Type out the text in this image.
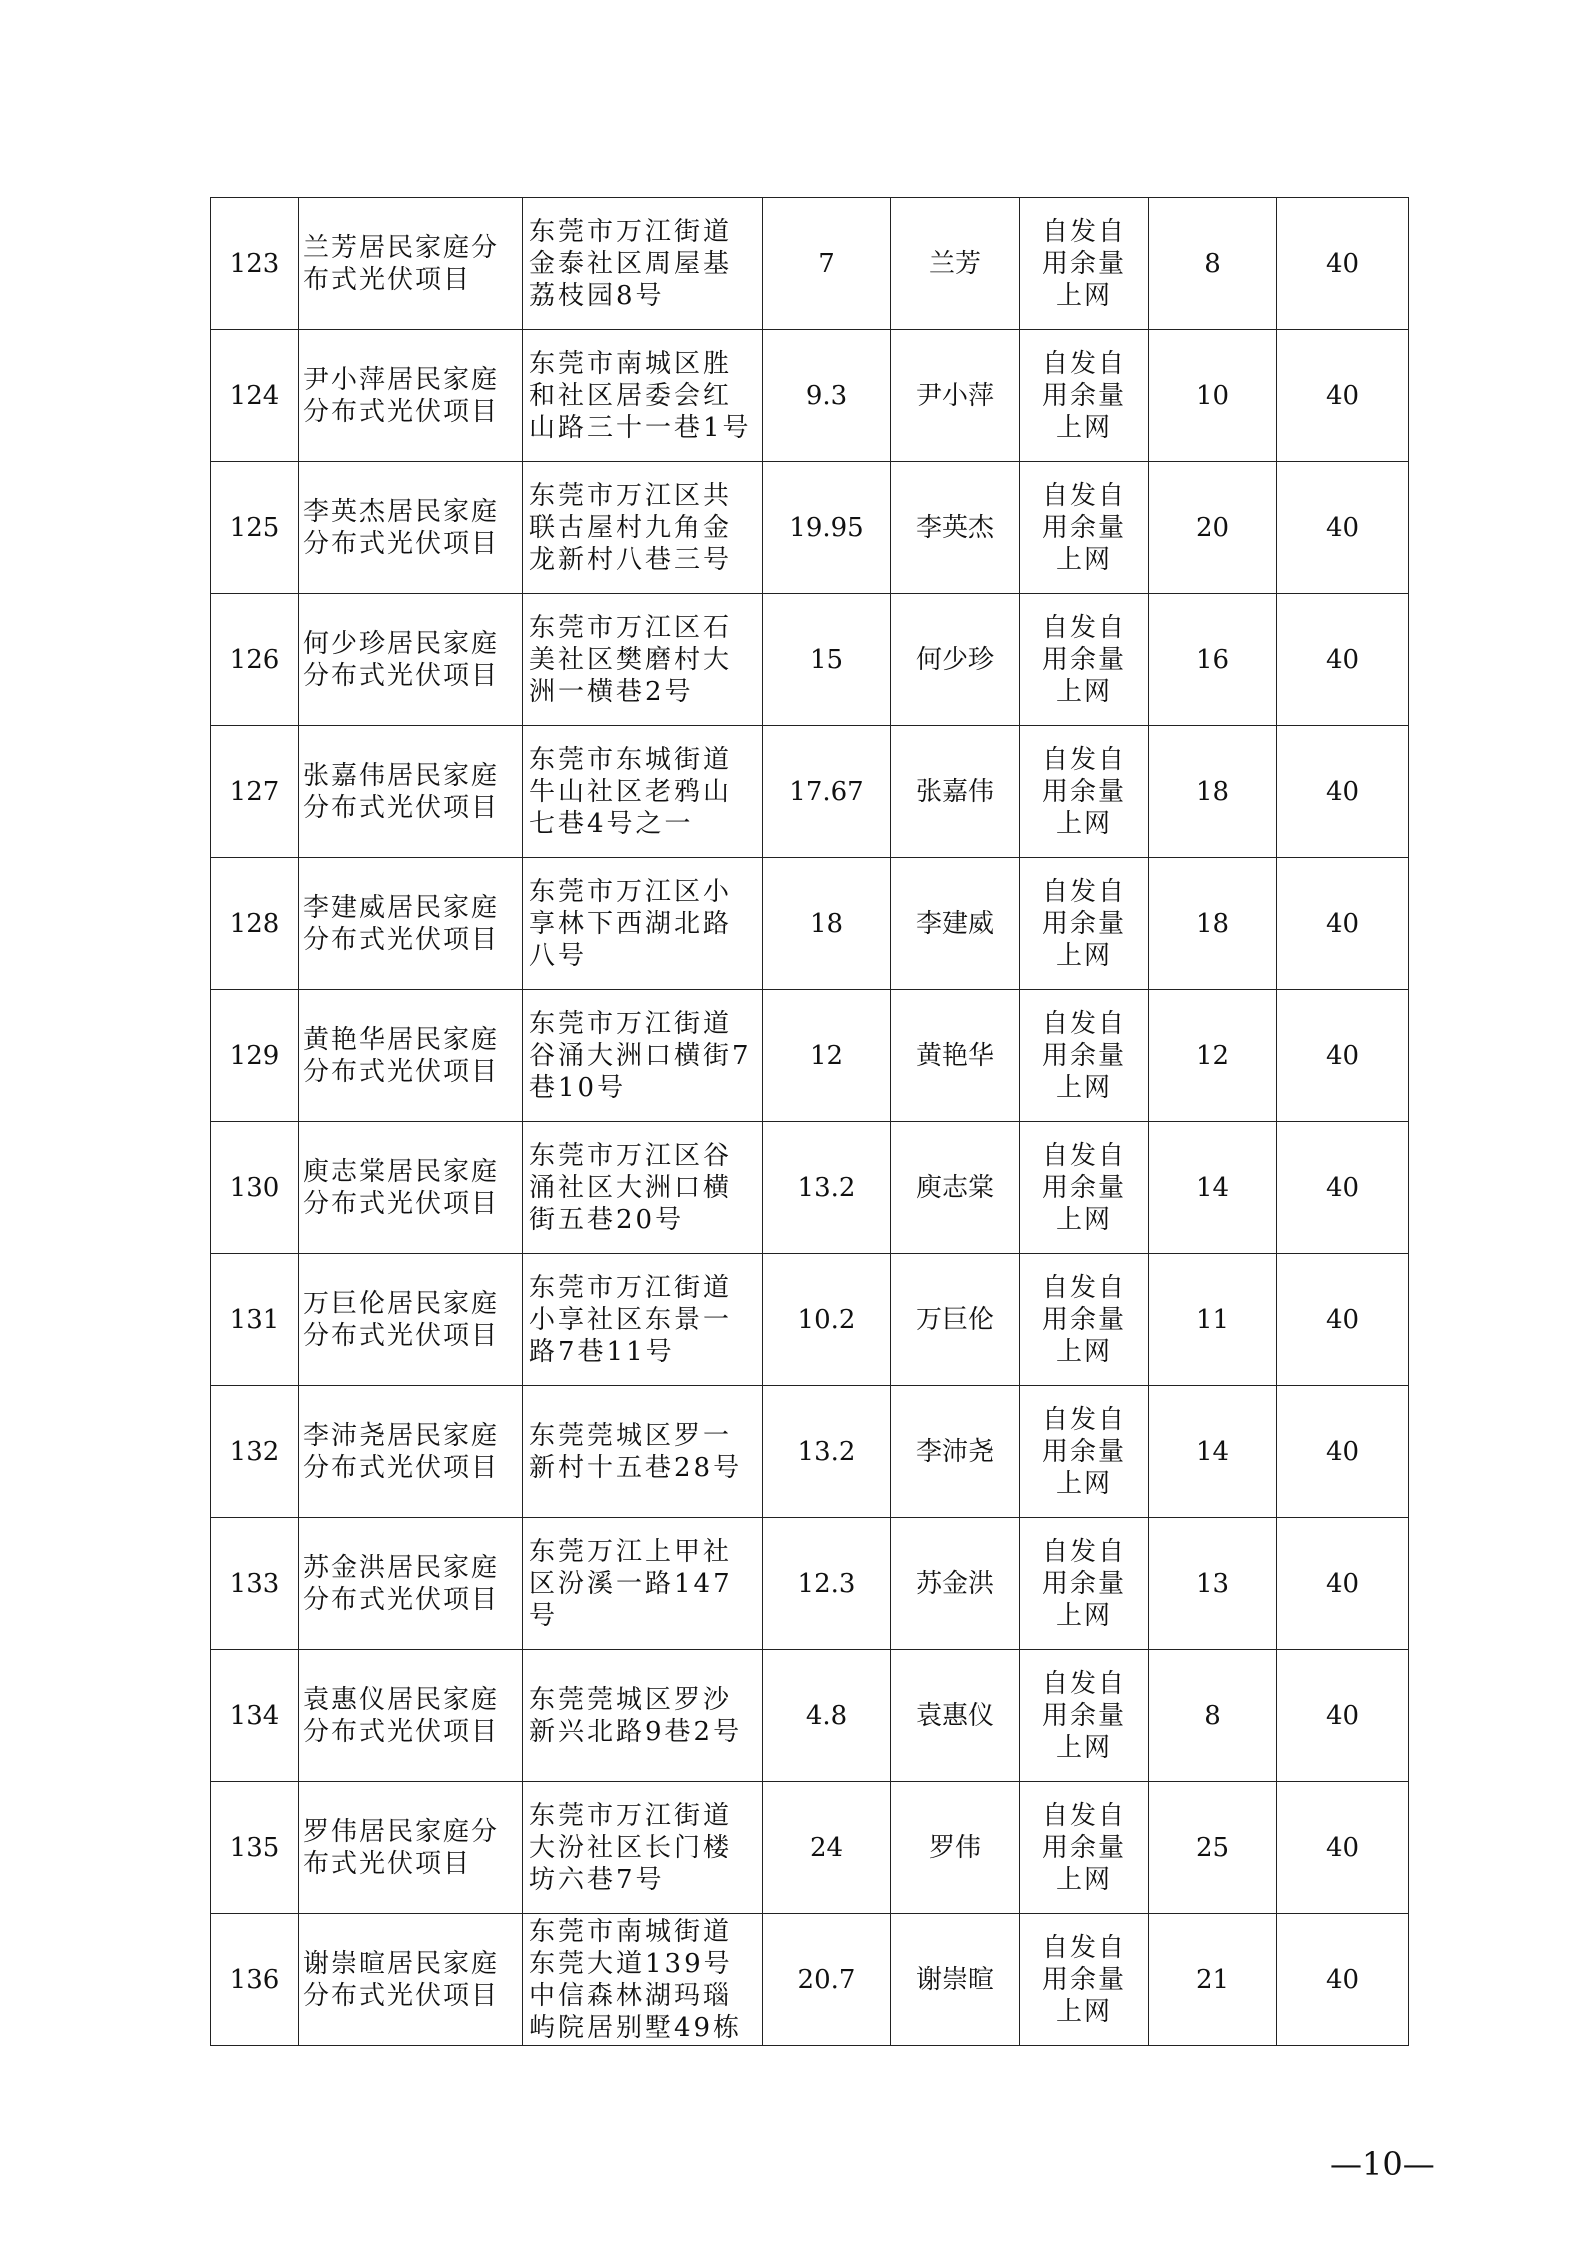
123	兰芳居民家庭分布式光伏项目	东莞市万江街道金泰社区周屋基荔枝园8号	7	兰芳	自发自用余量上网	8	40
124	尹小萍居民家庭分布式光伏项目	东莞市南城区胜和社区居委会红山路三十一巷1号	9.3	尹小萍	自发自用余量上网	10	40
125	李英杰居民家庭分布式光伏项目	东莞市万江区共联古屋村九角金龙新村八巷三号	19.95	李英杰	自发自用余量上网	20	40
126	何少珍居民家庭分布式光伏项目	东莞市万江区石美社区樊磨村大洲一横巷2号	15	何少珍	自发自用余量上网	16	40
127	张嘉伟居民家庭分布式光伏项目	东莞市东城街道牛山社区老鸦山七巷4号之一	17.67	张嘉伟	自发自用余量上网	18	40
128	李建威居民家庭分布式光伏项目	东莞市万江区小享林下西湖北路八号	18	李建威	自发自用余量上网	18	40
129	黄艳华居民家庭分布式光伏项目	东莞市万江街道谷涌大洲口横街7巷10号	12	黄艳华	自发自用余量上网	12	40
130	庾志棠居民家庭分布式光伏项目	东莞市万江区谷涌社区大洲口横街五巷20号	13.2	庾志棠	自发自用余量上网	14	40
131	万巨伦居民家庭分布式光伏项目	东莞市万江街道小享社区东景一路7巷11号	10.2	万巨伦	自发自用余量上网	11	40
132	李沛尧居民家庭分布式光伏项目	东莞莞城区罗一新村十五巷28号	13.2	李沛尧	自发自用余量上网	14	40
133	苏金洪居民家庭分布式光伏项目	东莞万江上甲社区汾溪一路147号	12.3	苏金洪	自发自用余量上网	13	40
134	袁惠仪居民家庭分布式光伏项目	东莞莞城区罗沙新兴北路9巷2号	4.8	袁惠仪	自发自用余量上网	8	40
135	罗伟居民家庭分布式光伏项目	东莞市万江街道大汾社区长门楼坊六巷7号	24	罗伟	自发自用余量上网	25	40
136	谢崇暄居民家庭分布式光伏项目	东莞市南城街道东莞大道139号中信森林湖玛瑙屿院居别墅49栋	20.7	谢崇暄	自发自用余量上网	21	40
—10—
